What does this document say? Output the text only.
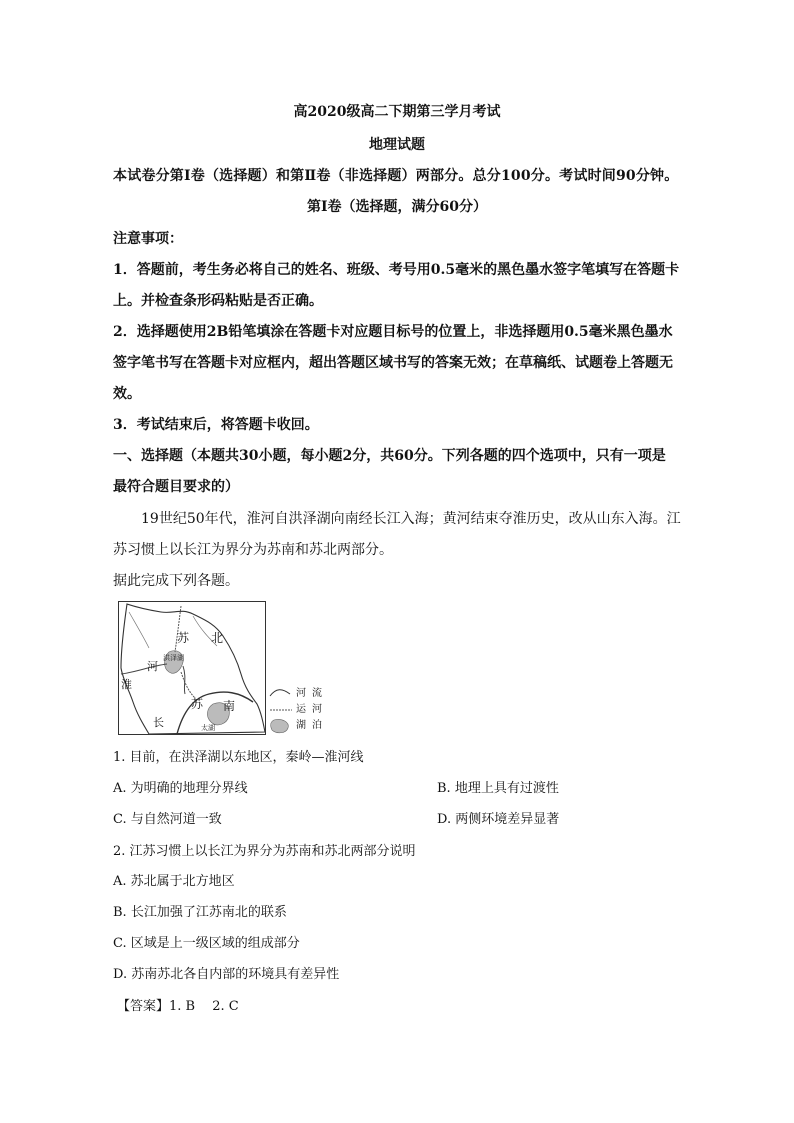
高2020级高二下期第三学月考试
地理试题
本试卷分第Ⅰ卷（选择题）和第Ⅱ卷（非选择题）两部分。总分100分。考试时间90分钟。
第Ⅰ卷（选择题，满分60分）
注意事项：
1．答题前，考生务必将自己的姓名、班级、考号用0.5毫米的黑色墨水签字笔填写在答题卡
上。并检查条形码粘贴是否正确。
2．选择题使用2B铅笔填涂在答题卡对应题目标号的位置上，非选择题用0.5毫米黑色墨水
签字笔书写在答题卡对应框内，超出答题区域书写的答案无效；在草稿纸、试题卷上答题无
效。
3．考试结束后，将答题卡收回。
一、选择题（本题共30小题，每小题2分，共60分。下列各题的四个选项中，只有一项是
最符合题目要求的）
19世纪50年代，淮河自洪泽湖向南经长江入海；黄河结束夺淮历史，改从山东入海。江
苏习惯上以长江为界分为苏南和苏北两部分。
据此完成下列各题。
苏 北
洪泽湖
河
淮
长
苏 南
太湖
河流
运河
湖泊
1. 目前，在洪泽湖以东地区，秦岭—淮河线
A. 为明确的地理分界线	B. 地理上具有过渡性
C. 与自然河道一致	D. 两侧环境差异显著
2. 江苏习惯上以长江为界分为苏南和苏北两部分说明
A. 苏北属于北方地区
B. 长江加强了江苏南北的联系
C. 区域是上一级区域的组成部分
D. 苏南苏北各自内部的环境具有差异性
【答案】1. B　 2. C
